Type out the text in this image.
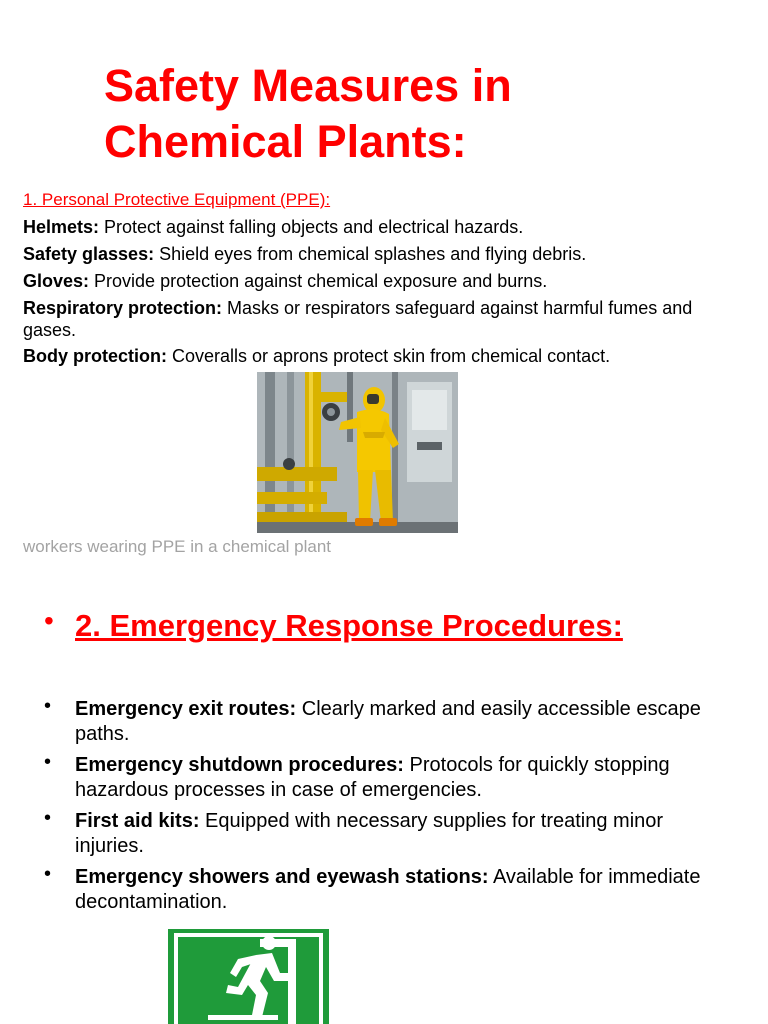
Safety Measures in Chemical Plants:

1. Personal Protective Equipment (PPE):

Helmets: Protect against falling objects and electrical hazards.
Safety glasses: Shield eyes from chemical splashes and flying debris.
Gloves: Provide protection against chemical exposure and burns.
Respiratory protection: Masks or respirators safeguard against harmful fumes and gases.
Body protection: Coveralls or aprons protect skin from chemical contact.

workers wearing PPE in a chemical plant

• 2. Emergency Response Procedures:
• Emergency exit routes: Clearly marked and easily accessible escape paths.
• Emergency shutdown procedures: Protocols for quickly stopping hazardous processes in case of emergencies.
• First aid kits: Equipped with necessary supplies for treating minor injuries.
• Emergency showers and eyewash stations: Available for immediate decontamination.
